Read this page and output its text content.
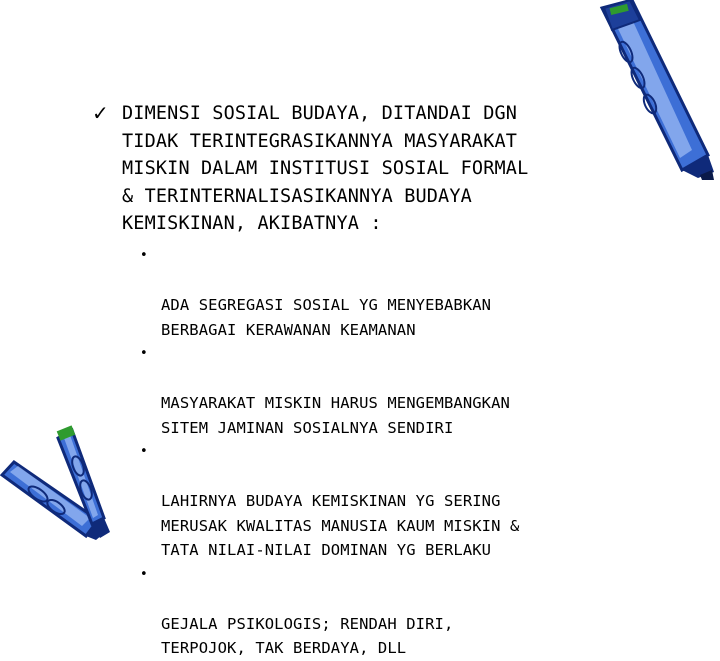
✓ DIMENSI SOSIAL BUDAYA, DITANDAI DGN
TIDAK TERINTEGRASIKANNYA MASYARAKAT
MISKIN DALAM INSTITUSI SOSIAL FORMAL
& TERINTERNALISASIKANNYA BUDAYA
KEMISKINAN, AKIBATNYA :

•

ADA SEGREGASI SOSIAL YG MENYEBABKAN
BERBAGAI KERAWANAN KEAMANAN

•

MASYARAKAT MISKIN HARUS MENGEMBANGKAN
SITEM JAMINAN SOSIALNYA SENDIRI

•

LAHIRNYA BUDAYA KEMISKINAN YG SERING
MERUSAK KWALITAS MANUSIA KAUM MISKIN &
TATA NILAI-NILAI DOMINAN YG BERLAKU

•

GEJALA PSIKOLOGIS; RENDAH DIRI,
TERPOJOK, TAK BERDAYA, DLL
